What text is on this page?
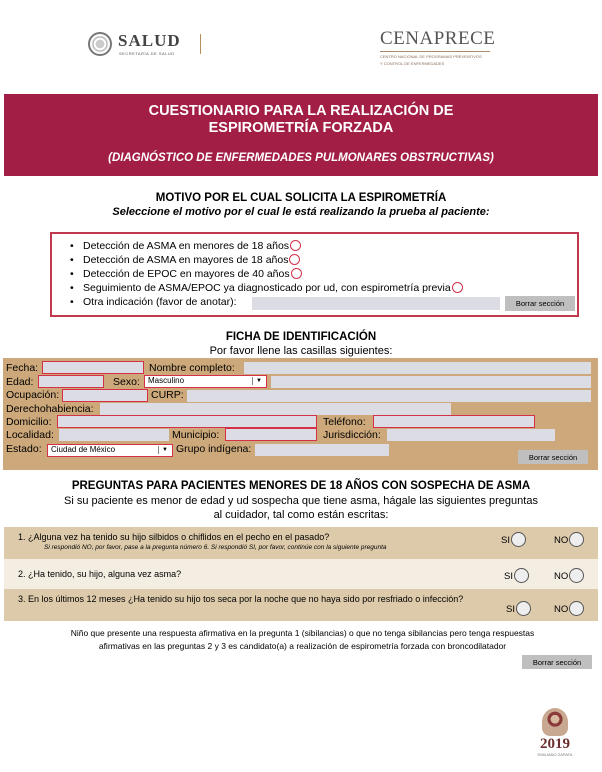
SALUD
SECRETARÍA DE SALUD
CENAPRECE
CENTRO NACIONAL DE PROGRAMAS PREVENTIVOS
Y CONTROL DE ENFERMEDADES
CUESTIONARIO PARA LA REALIZACIÓN DE
ESPIROMETRÍA FORZADA
(DIAGNÓSTICO DE ENFERMEDADES PULMONARES OBSTRUCTIVAS)
MOTIVO POR EL CUAL SOLICITA LA ESPIROMETRÍA
Seleccione el motivo por el cual le está realizando la prueba al paciente:
• Detección de ASMA en menores de 18 años
• Detección de ASMA en mayores de 18 años
• Detección de EPOC en mayores de 40 años
• Seguimiento de ASMA/EPOC ya diagnosticado por ud, con espirometría previa
• Otra indicación (favor de anotar):	Borrar sección
FICHA DE IDENTIFICACIÓN
Por favor llene las casillas siguientes:
Fecha:	Nombre completo:
Edad:	Sexo:	Masculino	▼
Ocupación:	CURP:
Derechohabiencia:
Domicilio:	Teléfono:
Localidad:	Municipio:	Jurisdicción:
Estado:	Ciudad de México	▼ Grupo indígena:
Borrar sección
PREGUNTAS PARA PACIENTES MENORES DE 18 AÑOS CON SOSPECHA DE ASMA
Si su paciente es menor de edad y ud sospecha que tiene asma, hágale las siguientes preguntas
al cuidador, tal como están escritas:
1. ¿Alguna vez ha tenido su hijo silbidos o chiflidos en el pecho en el pasado?
Si respondió NO, por favor, pase a la pregunta número 6. Si respondió SI, por favor, continúe con la siguiente pregunta
SI	NO
2. ¿Ha tenido, su hijo, alguna vez asma?	SI	NO
3. En los últimos 12 meses ¿Ha tenido su hijo tos seca por la noche que no haya sido por resfriado o infección?
SI	NO
Niño que presente una respuesta afirmativa en la pregunta 1 (sibilancias) o que no tenga sibilancias pero tenga respuestas
afirmativas en las preguntas 2 y 3 es candidato(a) a realización de espirometría forzada con broncodilatador
Borrar sección
2019
EMILIANO ZAPATA
